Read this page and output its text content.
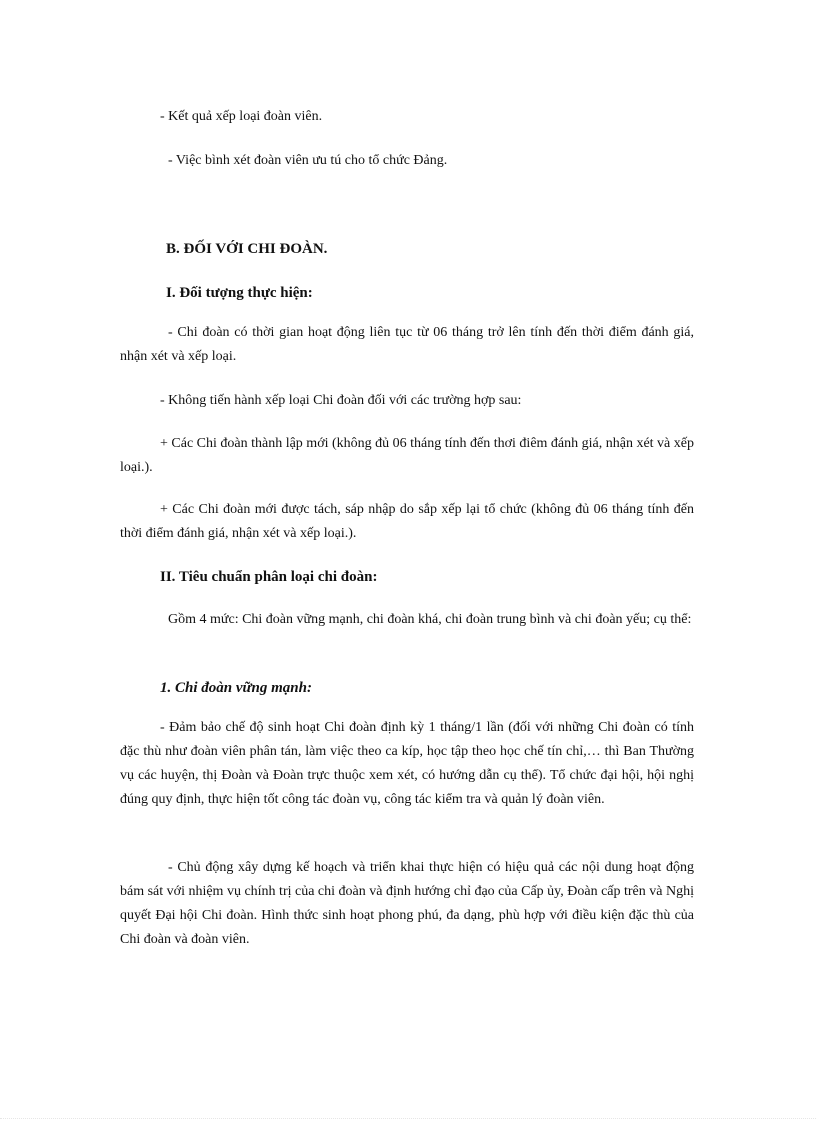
- Kết quả xếp loại đoàn viên.

- Việc bình xét đoàn viên ưu tú cho tổ chức Đảng.

B. ĐỐI VỚI CHI ĐOÀN.
I. Đối tượng thực hiện:

- Chi đoàn có thời gian hoạt động liên tục từ 06 tháng trở lên tính đến thời điểm đánh giá, nhận xét và xếp loại.

- Không tiến hành xếp loại Chi đoàn đối với các trường hợp sau:

+ Các Chi đoàn thành lập mới (không đủ 06 tháng tính đến thơi điêm đánh giá, nhận xét và xếp loại.).

+ Các Chi đoàn mới được tách, sáp nhập do sắp xếp lại tổ chức (không đủ 06 tháng tính đến thời điểm đánh giá, nhận xét và xếp loại.).

II. Tiêu chuẩn phân loại chi đoàn:

Gồm 4 mức: Chi đoàn vững mạnh, chi đoàn khá, chi đoàn trung bình và chi đoàn yếu; cụ thể:

1. Chi đoàn vững mạnh:

- Đảm bảo chế độ sinh hoạt Chi đoàn định kỳ 1 tháng/1 lần (đối với những Chi đoàn có tính đặc thù như đoàn viên phân tán, làm việc theo ca kíp, học tập theo học chế tín chỉ,… thì Ban Thường vụ các huyện, thị Đoàn và Đoàn trực thuộc xem xét, có hướng dẫn cụ thể). Tổ chức đại hội, hội nghị đúng quy định, thực hiện tốt công tác đoàn vụ, công tác kiểm tra và quản lý đoàn viên.

- Chủ động xây dựng kế hoạch và triển khai thực hiện có hiệu quả các nội dung hoạt động bám sát với nhiệm vụ chính trị của chi đoàn và định hướng chỉ đạo của Cấp ủy, Đoàn cấp trên và Nghị quyết Đại hội Chi đoàn. Hình thức sinh hoạt phong phú, đa dạng, phù hợp với điều kiện đặc thù của Chi đoàn và đoàn viên.
